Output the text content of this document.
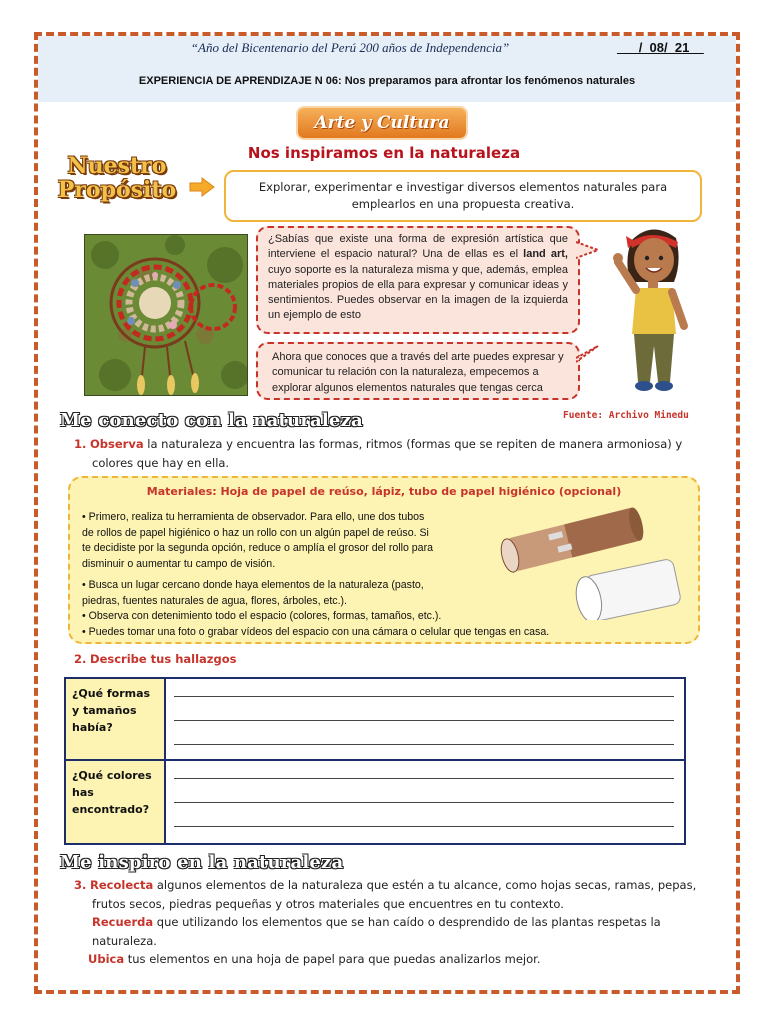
“Año del Bicentenario del Perú 200 años de Independencia”	___/_08/_21__
EXPERIENCIA DE APRENDIZAJE N 06: Nos preparamos para afrontar los fenómenos naturales
Arte y Cultura
Nos inspiramos en la naturaleza
Nuestro Propósito	Explorar, experimentar e investigar diversos elementos naturales para emplearlos en una propuesta creativa.
¿Sabías que existe una forma de expresión artística que interviene el espacio natural? Una de ellas es el land art, cuyo soporte es la naturaleza misma y que, además, emplea materiales propios de ella para expresar y comunicar ideas y sentimientos. Puedes observar en la imagen de la izquierda un ejemplo de esto
Ahora que conoces que a través del arte puedes expresar y comunicar tu relación con la naturaleza, empecemos a explorar algunos elementos naturales que tengas cerca
Fuente: Archivo Minedu
Me conecto con la naturaleza
1. Observa la naturaleza y encuentra las formas, ritmos (formas que se repiten de manera armoniosa) y
colores que hay en ella.
Materiales: Hoja de papel de reúso, lápiz, tubo de papel higiénico (opcional)
• Primero, realiza tu herramienta de observador. Para ello, une dos tubos
de rollos de papel higiénico o haz un rollo con un algún papel de reúso. Si
te decidiste por la segunda opción, reduce o amplía el grosor del rollo para
disminuir o aumentar tu campo de visión.
• Busca un lugar cercano donde haya elementos de la naturaleza (pasto,
piedras, fuentes naturales de agua, flores, árboles, etc.).
• Observa con detenimiento todo el espacio (colores, formas, tamaños, etc.).
• Puedes tomar una foto o grabar vídeos del espacio con una cámara o celular que tengas en casa.
2. Describe tus hallazgos
¿Qué formas y tamaños había?
¿Qué colores has encontrado?
Me inspiro en la naturaleza
3. Recolecta algunos elementos de la naturaleza que estén a tu alcance, como hojas secas, ramas, pepas,
frutos secos, piedras pequeñas y otros materiales que encuentres en tu contexto.
Recuerda que utilizando los elementos que se han caído o desprendido de las plantas respetas la
naturaleza.
Ubica tus elementos en una hoja de papel para que puedas analizarlos mejor.
